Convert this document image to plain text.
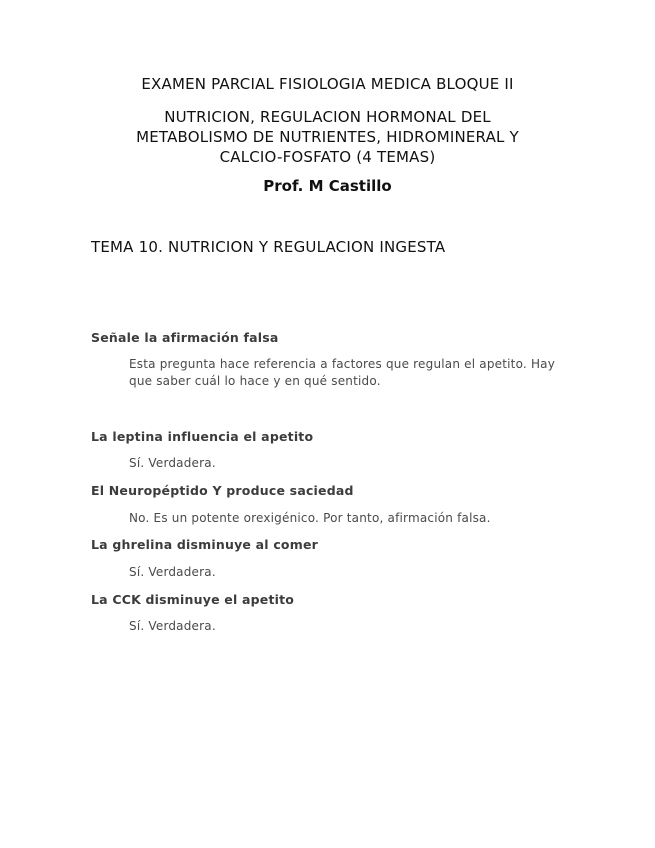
EXAMEN PARCIAL FISIOLOGIA MEDICA BLOQUE II
NUTRICION, REGULACION HORMONAL DEL
METABOLISMO DE NUTRIENTES, HIDROMINERAL Y
CALCIO-FOSFATO (4 TEMAS)
Prof. M Castillo
TEMA 10. NUTRICION Y REGULACION INGESTA
Señale la afirmación falsa
Esta pregunta hace referencia a factores que regulan el apetito. Hay que saber cuál lo hace y en qué sentido.
La leptina influencia el apetito
Sí. Verdadera.
El Neuropéptido Y produce saciedad
No. Es un potente orexigénico. Por tanto, afirmación falsa.
La ghrelina disminuye al comer
Sí. Verdadera.
La CCK disminuye el apetito
Sí. Verdadera.
